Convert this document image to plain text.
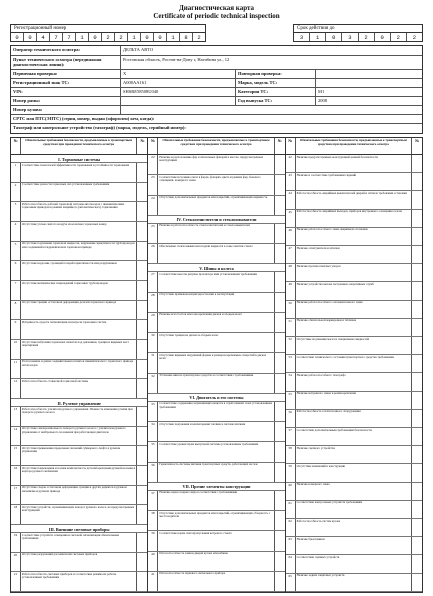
Диагностическая карта
Certificate of periodic technical inspection
Регистрационный номер
0	0	4	7	7	1	0	2	2	1	0	0	1	8	2
Срок действия до
3	1	0	3	2	0	2	2
Оператор технического осмотра:	ДЕЛЬТА АВТО
Пункт технического осмотра (передвижная диагностическая линия):
Ростовская область, Ростов-на-Дону г, Нагибина ул., 12
Первичная проверка:	X	Повторная проверка:
Регистрационный знак ТС:	А000АА161	Марка, модель ТС:
VIN:	SHSRE58508U040	Категория ТС:	M1
Номер рамы:	Год выпуска ТС:	2008
Номер кузова:
СРТС или ПТС(ЭПТС) (серия, номер, выдан (оформлен) кем, когда):
Тахограф или контрольное устройство (тахограф) (марка, модель, серийный номер):
№	Обязательные требования безопасности, предъявляемые к транспортным средствам при проведении технического осмотра
№
I. Тормозные системы
1	Соответствие показателей эффективности торможения и устойчивости торможения
2	Соответствие разности тормозных сил установленным требованиям
3	Работоспособность рабочей тормозной системы автопоездов с пневматическим тормозным приводом в режиме аварийного (автоматического) торможения
4	Отсутствие утечек сжатого воздуха из колесных тормозных камер
5	Отсутствие подтекания тормозной жидкости, нарушения герметичности трубопроводов или соединений в гидравлическом тормозном приводе
6	Отсутствие коррозии, грозящей потерей герметичности или разрушением
7	Отсутствие механических повреждений тормозных трубопроводов
8	Отсутствие трещин остаточной деформации деталей тормозного привода
9	Исправность средств сигнализации и контроля тормозных систем
10	Отсутствие набухания тормозных шлангов под давлением, трещин и видимых мест перетирания
11	Расположение и длина соединительных шлангов пневматического тормозного привода автопоездов
12	Работоспособность стояночной тормозной системы
II. Рулевое управление
13	Работоспособность усилителя рулевого управления. Плавность изменения усилия при повороте рулевого колеса
14	Отсутствие самопроизвольного поворота рулевого колеса с усилителем рулевого управления от нейтрального положения при работающем двигателе
15	Отсутствие превышения предельных значений суммарного люфта в рулевом управлении
16	Отсутствие повреждения и полная комплектность деталей крепления рулевой колонки и картера рулевого механизма
17	Отсутствие следов остаточной деформации, трещин и других дефектов в рулевом механизме и рулевом приводе
18	Отсутствие устройств, ограничивающих поворот рулевого колеса, не предусмотренных конструкцией
III. Внешние световые приборы
19	Соответствие устройств освещения и световой сигнализации обязательным требованиям
20	Отсутствие разрушений рассеивателей световых приборов
21	Работоспособность световых приборов и соответствие режима их работы установленным требованиям
№	Обязательные требования безопасности, предъявляемые к транспортным средствам при проведении технического осмотра
№
22	Наличие и расположение фар и сигнальных фонарей в местах, предусмотренных конструкцией
23	Соответствие источника света в фарах, фонарях, цвета и режима фар, бокового освещения, номерного знака
24	Отсутствие дополнительных предметов или покрытий, ограничивающих видимость
IV. Стеклоочистители и стеклоомыватели
25	Наличие и работоспособность стеклоочистителей и стеклоомывателей
26	Обеспечение стеклоомывателем подачи жидкости в зоны очистки стекла
V. Шины и колеса
27	Соответствие высоты рисунка протектора шин установленным требованиям
28	Отсутствие признаков непригодности шин к эксплуатации
29	Наличие всех болтов или гаек крепления дисков и ободьев колес
30	Отсутствие трещин на дисках и ободьях колес
31	Отсутствие видимых нарушений формы и размеров крепежных отверстий в дисках колес
32	Установка шин на транспортное средство в соответствии с требованиями
VI. Двигатель и его системы
33	Соответствие содержания загрязняющих веществ в отработавших газах установленным требованиям
34	Отсутствие подтекания и каплепадения топлива в системе питания
35	Соответствие уровня шума выпускной системы установленным требованиям
36	Герметичность системы питания транспортных средств, работающих на газе
VII. Прочие элементы конструкции
37	Наличие зеркал заднего вида в соответствии с требованиями
38	Отсутствие дополнительных предметов или покрытий, ограничивающих обзорность с места водителя
39	Соответствие норме светопропускания ветрового стекла
40	Работоспособность замков дверей кузова или кабины
41	Работоспособность звукового сигнального прибора
№	Обязательные требования безопасности, предъявляемые к транспортным средствам при проведении технического осмотра
№
42	Наличие предусмотренных конструкцией ремней безопасности
43	Наличие и соответствие требованиям сидений
44	Работоспособность аварийных выключателей дверей и сигнала требования остановки
45	Работоспособность аварийных выходов, приборов внутреннего освещения салона
46	Наличие работоспособного знака аварийной остановки
47	Наличие огнетушителя и аптечки
48	Наличие противооткатных упоров
49	Наличие устройства вызова экстренных оперативных служб
50	Наличие работоспособного опознавательного знака
51	Наличие обязательной маркировки и табличек
52	Отсутствие подтекания масел и специальных жидкостей
53	Соответствие технического состояния транспортного средства требованиям
54	Наличие работоспособного тахографа
55	Наличие исправного замка и ремня крепления
56	Работоспособность газобаллонного оборудования
57	Соответствие дополнительным требованиям безопасности
58	Наличие сцепного устройства
59	Отсутствие изменений в конструкции
60	Наличие номерного знака
61	Соответствие контрольных устройств требованиям
62	Работоспособность систем кузова
63	Наличие брызговиков
64	Соответствие сцепных устройств
65	Наличие задних защитных устройств
